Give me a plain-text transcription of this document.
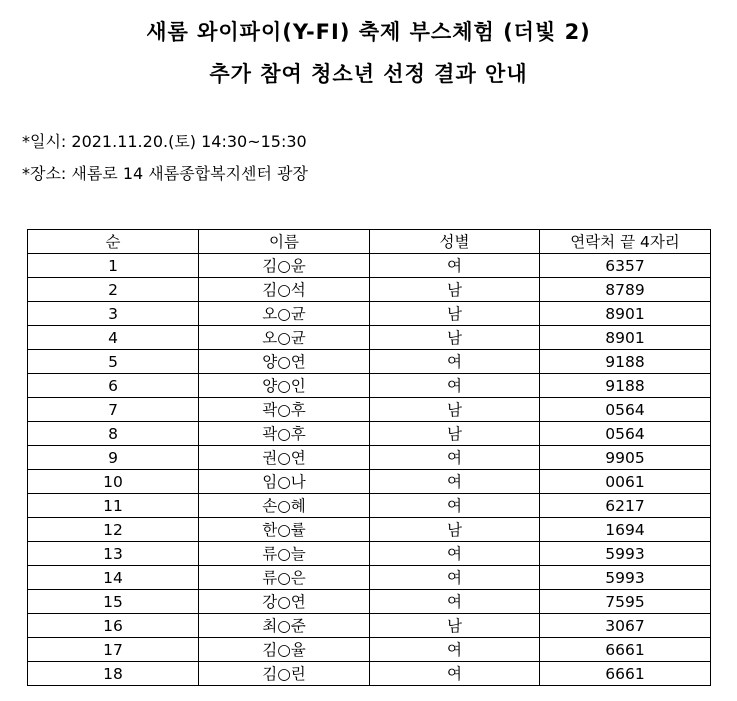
새롬 와이파이(Y-FI) 축제 부스체험 (더빛 2)
추가 참여 청소년 선정 결과 안내
*일시: 2021.11.20.(토) 14:30~15:30
*장소: 새롬로 14 새롬종합복지센터 광장
순	이름	성별	연락처 끝 4자리
1	김○윤	여	6357
2	김○석	남	8789
3	오○균	남	8901
4	오○균	남	8901
5	양○연	여	9188
6	양○인	여	9188
7	곽○후	남	0564
8	곽○후	남	0564
9	권○연	여	9905
10	임○나	여	0061
11	손○혜	여	6217
12	한○률	남	1694
13	류○늘	여	5993
14	류○은	여	5993
15	강○연	여	7595
16	최○준	남	3067
17	김○율	여	6661
18	김○린	여	6661
